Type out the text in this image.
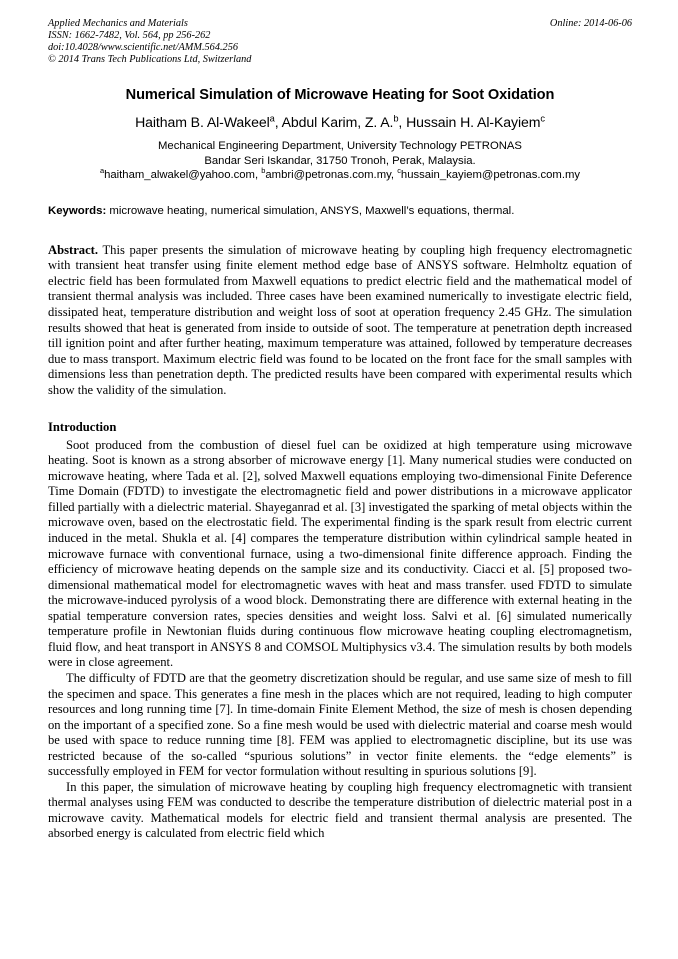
Applied Mechanics and Materials
ISSN: 1662-7482, Vol. 564, pp 256-262
doi:10.4028/www.scientific.net/AMM.564.256
© 2014 Trans Tech Publications Ltd, Switzerland
Online: 2014-06-06
Numerical Simulation of Microwave Heating for Soot Oxidation
Haitham B. Al-Wakeel$^a$, Abdul Karim, Z. A.$^b$, Hussain H. Al-Kayiem$^c$
Mechanical Engineering Department, University Technology PETRONAS
Bandar Seri Iskandar, 31750 Tronoh, Perak, Malaysia.
$^a$haitham_alwakel@yahoo.com, $^b$ambri@petronas.com.my, $^c$hussain_kayiem@petronas.com.my
Keywords: microwave heating, numerical simulation, ANSYS, Maxwell’s equations, thermal.
Abstract. This paper presents the simulation of microwave heating by coupling high frequency electromagnetic with transient heat transfer using finite element method edge base of ANSYS software. Helmholtz equation of electric field has been formulated from Maxwell equations to predict electric field and the mathematical model of transient thermal analysis was included. Three cases have been examined numerically to investigate electric field, dissipated heat, temperature distribution and weight loss of soot at operation frequency 2.45 GHz. The simulation results showed that heat is generated from inside to outside of soot. The temperature at penetration depth increased till ignition point and after further heating, maximum temperature was attained, followed by temperature decreases due to mass transport. Maximum electric field was found to be located on the front face for the small samples with dimensions less than penetration depth. The predicted results have been compared with experimental results which show the validity of the simulation.
Introduction
Soot produced from the combustion of diesel fuel can be oxidized at high temperature using microwave heating. Soot is known as a strong absorber of microwave energy [1]. Many numerical studies were conducted on microwave heating, where Tada et al. [2], solved Maxwell equations employing two-dimensional Finite Deference Time Domain (FDTD) to investigate the electromagnetic field and power distributions in a microwave applicator filled partially with a dielectric material. Shayeganrad et al. [3] investigated the sparking of metal objects within the microwave oven, based on the electrostatic field. The experimental finding is the spark result from electric current induced in the metal. Shukla et al. [4] compares the temperature distribution within cylindrical sample heated in microwave furnace with conventional furnace, using a two-dimensional finite difference approach. Finding the efficiency of microwave heating depends on the sample size and its conductivity. Ciacci et al. [5] proposed two-dimensional mathematical model for electromagnetic waves with heat and mass transfer. used FDTD to simulate the microwave-induced pyrolysis of a wood block. Demonstrating there are difference with external heating in the spatial temperature conversion rates, species densities and weight loss. Salvi et al. [6] simulated numerically temperature profile in Newtonian fluids during continuous flow microwave heating coupling electromagnetism, fluid flow, and heat transport in ANSYS 8 and COMSOL Multiphysics v3.4. The simulation results by both models were in close agreement.
The difficulty of FDTD are that the geometry discretization should be regular, and use same size of mesh to fill the specimen and space. This generates a fine mesh in the places which are not required, leading to high computer resources and long running time [7]. In time-domain Finite Element Method, the size of mesh is chosen depending on the important of a specified zone. So a fine mesh would be used with dielectric material and coarse mesh would be used with space to reduce running time [8]. FEM was applied to electromagnetic discipline, but its use was restricted because of the so-called “spurious solutions” in vector finite elements. the “edge elements” is successfully employed in FEM for vector formulation without resulting in spurious solutions [9].
In this paper, the simulation of microwave heating by coupling high frequency electromagnetic with transient thermal analyses using FEM was conducted to describe the temperature distribution of dielectric material post in a microwave cavity. Mathematical models for electric field and transient thermal analysis are presented. The absorbed energy is calculated from electric field which
